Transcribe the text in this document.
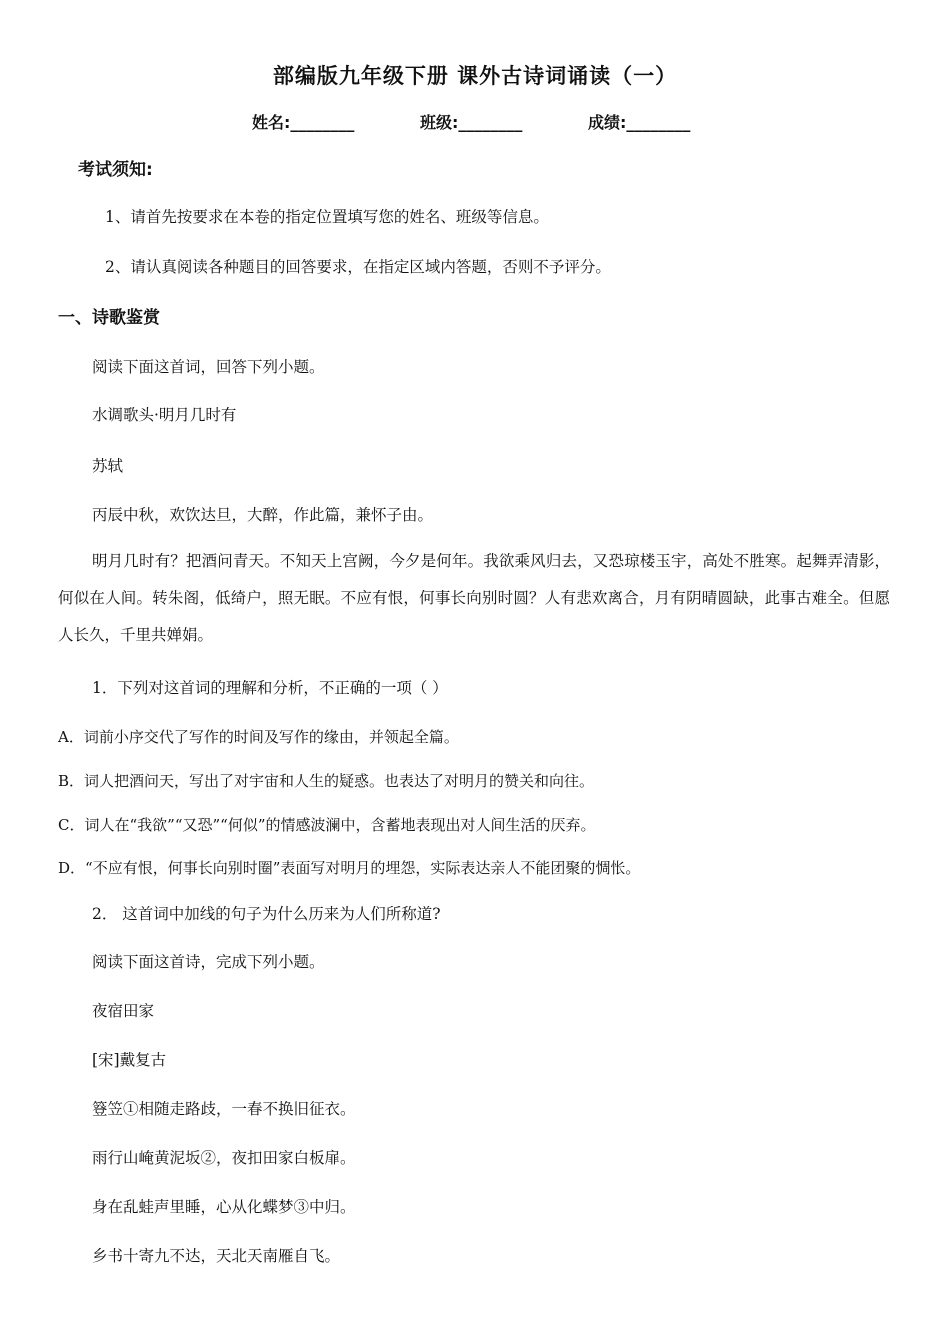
部编版九年级下册 课外古诗词诵读（一）
姓名:________	班级:________	成绩:________
考试须知:
1、请首先按要求在本卷的指定位置填写您的姓名、班级等信息。
2、请认真阅读各种题目的回答要求，在指定区域内答题，否则不予评分。
一、诗歌鉴赏
阅读下面这首词，回答下列小题。
水调歌头·明月几时有
苏轼
丙辰中秋，欢饮达旦，大醉，作此篇，兼怀子由。
明月几时有？把酒问青天。不知天上宫阙，今夕是何年。我欲乘风归去，又恐琼楼玉宇，高处不胜寒。起舞弄清影，何似在人间。转朱阁，低绮户，照无眠。不应有恨，何事长向别时圆？人有悲欢离合，月有阴晴圆缺，此事古难全。但愿人长久，千里共婵娟。
1．下列对这首词的理解和分析，不正确的一项（ ）
A．词前小序交代了写作的时间及写作的缘由，并领起全篇。
B．词人把酒问天，写出了对宇宙和人生的疑惑。也表达了对明月的赞关和向往。
C．词人在“我欲”“又恐”“何似”的情感波澜中，含蓄地表现出对人间生活的厌弃。
D．“不应有恨，何事长向别时圈”表面写对明月的埋怨，实际表达亲人不能团聚的惆怅。
2． 这首词中加线的句子为什么历来为人们所称道?
阅读下面这首诗，完成下列小题。
夜宿田家
[宋]戴复古
簦笠①相随走路歧，一春不换旧征衣。
雨行山崦黄泥坂②，夜扣田家白板扉。
身在乱蛙声里睡，心从化蝶梦③中归。
乡书十寄九不达，天北天南雁自飞。
